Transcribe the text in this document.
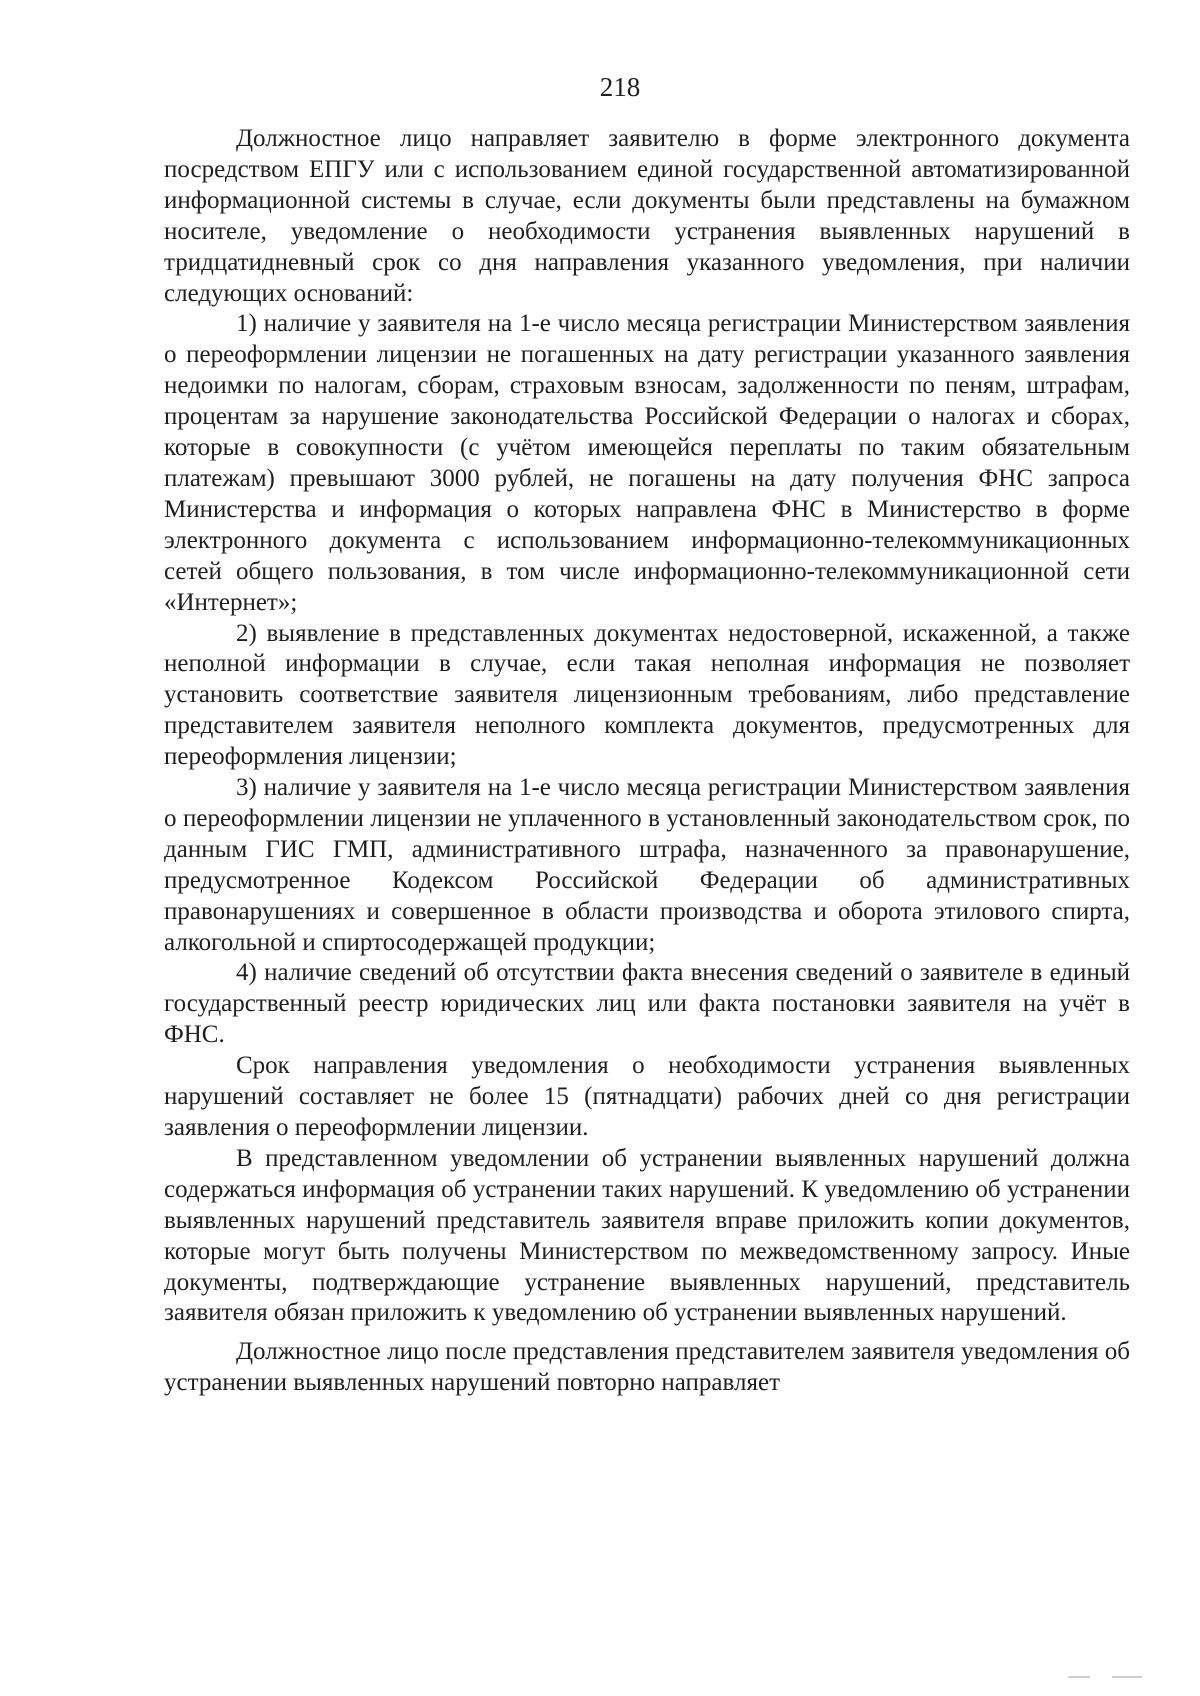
218

Должностное лицо направляет заявителю в форме электронного документа посредством ЕПГУ или с использованием единой государственной автоматизированной информационной системы в случае, если документы были представлены на бумажном носителе, уведомление о необходимости устранения выявленных нарушений в тридцатидневный срок со дня направления указанного уведомления, при наличии следующих оснований:

1) наличие у заявителя на 1-е число месяца регистрации Министерством заявления о переоформлении лицензии не погашенных на дату регистрации указанного заявления недоимки по налогам, сборам, страховым взносам, задолженности по пеням, штрафам, процентам за нарушение законодательства Российской Федерации о налогах и сборах, которые в совокупности (с учётом имеющейся переплаты по таким обязательным платежам) превышают 3000 рублей, не погашены на дату получения ФНС запроса Министерства и информация о которых направлена ФНС в Министерство в форме электронного документа с использованием информационно-телекоммуникационных сетей общего пользования, в том числе информационно-телекоммуникационной сети «Интернет»;

2) выявление в представленных документах недостоверной, искаженной, а также неполной информации в случае, если такая неполная информация не позволяет установить соответствие заявителя лицензионным требованиям, либо представление представителем заявителя неполного комплекта документов, предусмотренных для переоформления лицензии;

3) наличие у заявителя на 1-е число месяца регистрации Министерством заявления о переоформлении лицензии не уплаченного в установленный законодательством срок, по данным ГИС ГМП, административного штрафа, назначенного за правонарушение, предусмотренное Кодексом Российской Федерации об административных правонарушениях и совершенное в области производства и оборота этилового спирта, алкогольной и спиртосодержащей продукции;

4) наличие сведений об отсутствии факта внесения сведений о заявителе в единый государственный реестр юридических лиц или факта постановки заявителя на учёт в ФНС.

Срок направления уведомления о необходимости устранения выявленных нарушений составляет не более 15 (пятнадцати) рабочих дней со дня регистрации заявления о переоформлении лицензии.

В представленном уведомлении об устранении выявленных нарушений должна содержаться информация об устранении таких нарушений. К уведомлению об устранении выявленных нарушений представитель заявителя вправе приложить копии документов, которые могут быть получены Министерством по межведомственному запросу. Иные документы, подтверждающие устранение выявленных нарушений, представитель заявителя обязан приложить к уведомлению об устранении выявленных нарушений.

Должностное лицо после представления представителем заявителя уведомления об устранении выявленных нарушений повторно направляет
